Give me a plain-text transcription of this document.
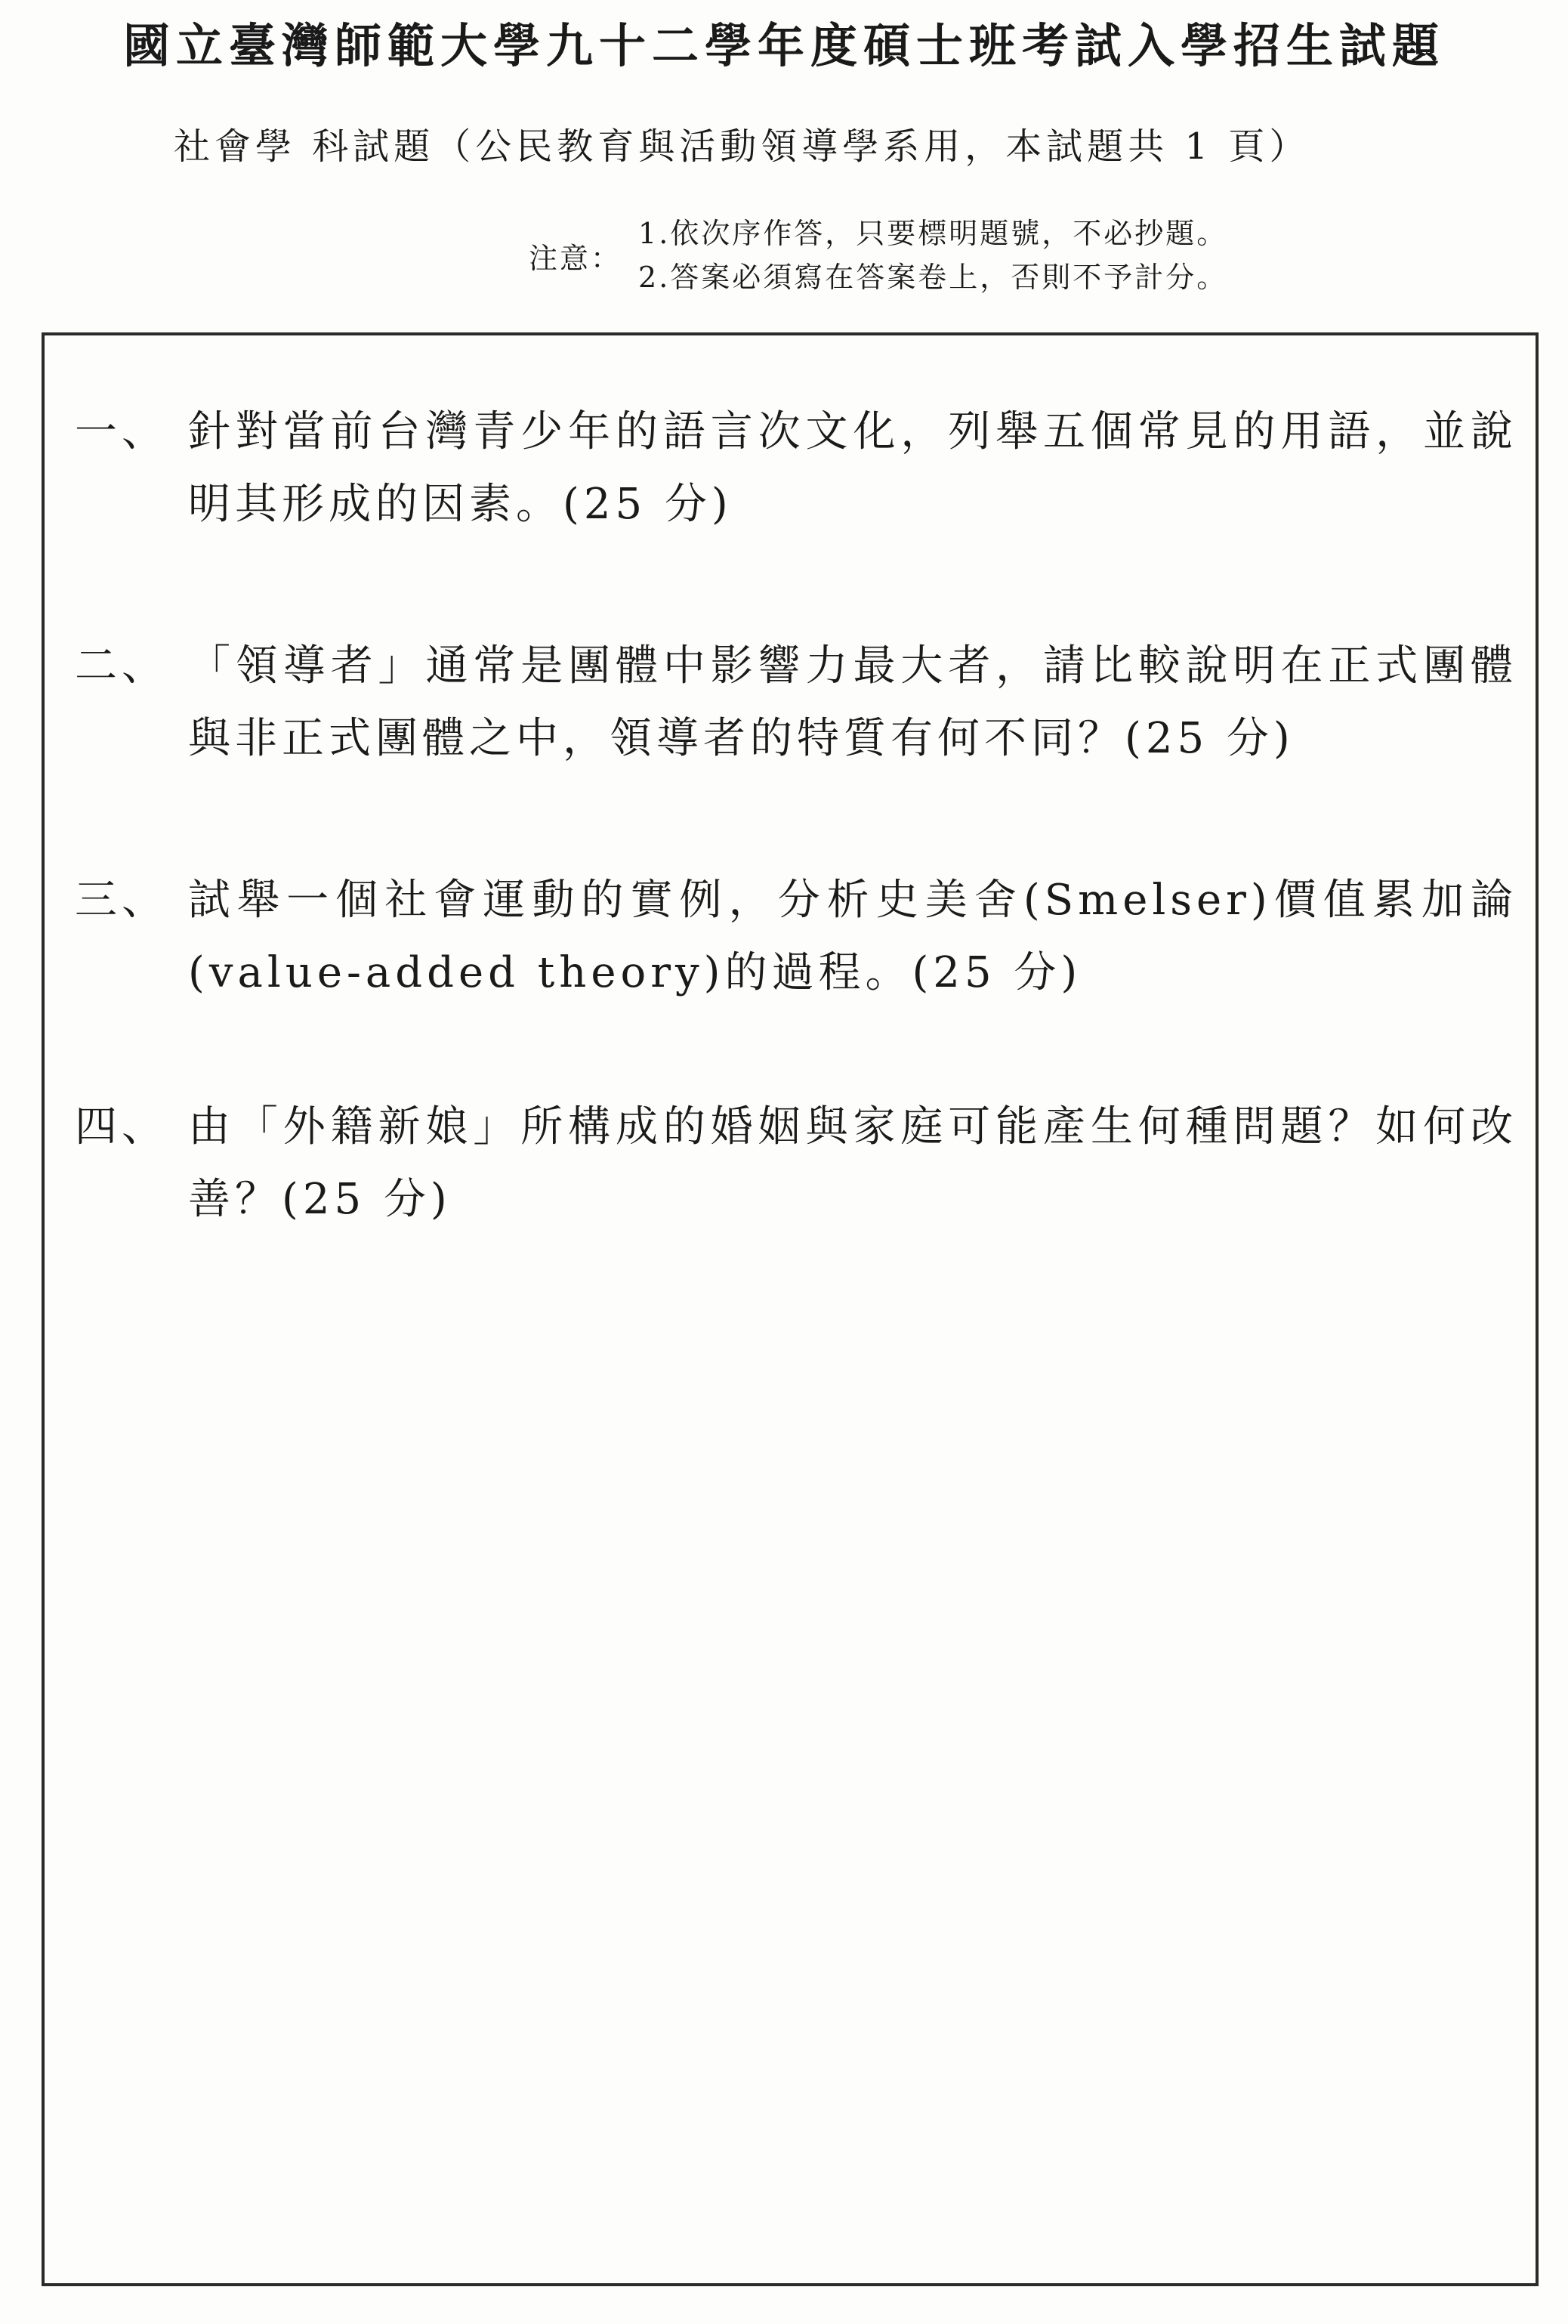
國立臺灣師範大學九十二學年度碩士班考試入學招生試題

社會學 科試題（公民教育與活動領導學系用，本試題共 1 頁）

注意：
1.依次序作答，只要標明題號，不必抄題。
2.答案必須寫在答案卷上，否則不予計分。
一、 針對當前台灣青少年的語言次文化，列舉五個常見的用語，並說明其形成的因素。(25 分)
二、 「領導者」通常是團體中影響力最大者，請比較說明在正式團體與非正式團體之中，領導者的特質有何不同？(25 分)
三、 試舉一個社會運動的實例，分析史美舍(Smelser)價值累加論(value-added theory)的過程。(25 分)
四、 由「外籍新娘」所構成的婚姻與家庭可能產生何種問題？如何改善？(25 分)
